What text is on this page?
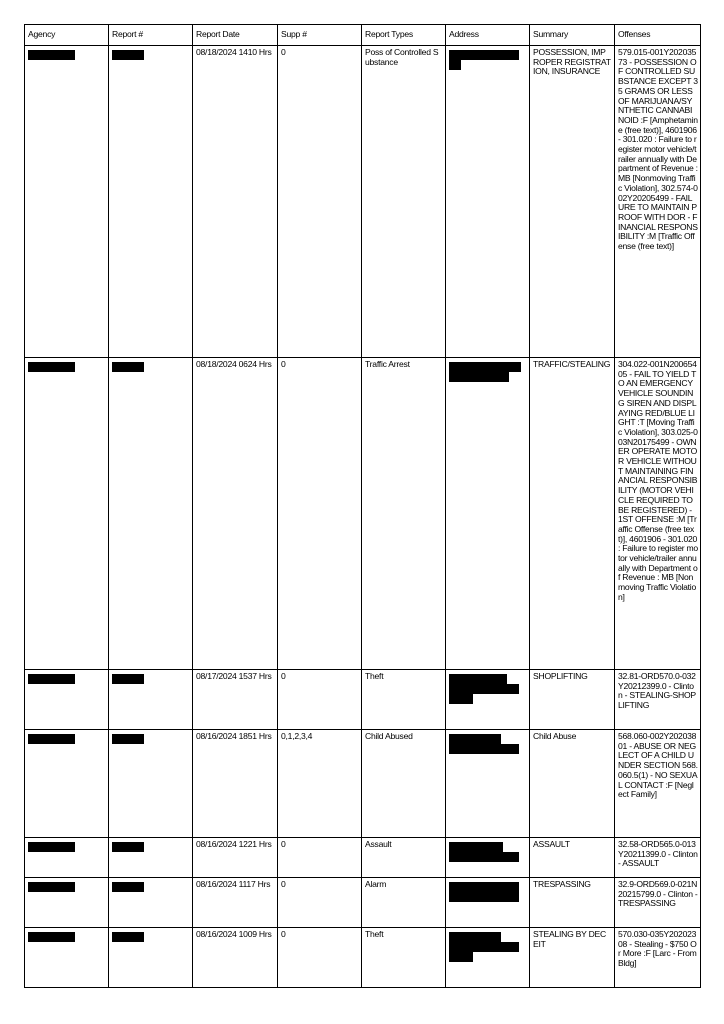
Agency	Report #	Report Date	Supp #	Report Types	Address	Summary	Offenses

	08/18/2024 1410 Hrs	0	Poss of Controlled Substance		POSSESSION, IMPROPER REGISTRATION, INSURANCE	579.015-001Y20203573 - POSSESSION OF CONTROLLED SUBSTANCE EXCEPT 35 GRAMS OR LESS OF MARIJUANA/SYNTHETIC CANNABINOID :F [Amphetamine (free text)], 4601906 - 301.020 : Failure to register motor vehicle/trailer annually with Department of Revenue : MB [Nonmoving Traffic Violation], 302.574-002Y20205499 - FAILURE TO MAINTAIN PROOF WITH DOR - FINANCIAL RESPONSIBILITY :M [Traffic Offense (free text)]

	08/18/2024 0624 Hrs	0	Traffic Arrest		TRAFFIC/STEALING	304.022-001N20065405 - FAIL TO YIELD TO AN EMERGENCY VEHICLE SOUNDING SIREN AND DISPLAYING RED/BLUE LIGHT :T [Moving Traffic Violation], 303.025-003N20175499 - OWNER OPERATE MOTOR VEHICLE WITHOUT MAINTAINING FINANCIAL RESPONSIBILITY (MOTOR VEHICLE REQUIRED TO BE REGISTERED) - 1ST OFFENSE :M [Traffic Offense (free text)], 4601906 - 301.020 : Failure to register motor vehicle/trailer annually with Department of Revenue : MB [Nonmoving Traffic Violation]

	08/17/2024 1537 Hrs	0	Theft		SHOPLIFTING	32.81-ORD570.0-032Y20212399.0 - Clinton - STEALING-SHOPLIFTING

	08/16/2024 1851 Hrs	0,1,2,3,4	Child Abused		Child Abuse	568.060-002Y20203801 - ABUSE OR NEGLECT OF A CHILD UNDER SECTION 568.060.5(1) - NO SEXUAL CONTACT :F [Neglect Family]

	08/16/2024 1221 Hrs	0	Assault		ASSAULT	32.58-ORD565.0-013Y20211399.0 - Clinton - ASSAULT

	08/16/2024 1117 Hrs	0	Alarm		TRESPASSING	32.9-ORD569.0-021N20215799.0 - Clinton - TRESPASSING

	08/16/2024 1009 Hrs	0	Theft		STEALING BY DECEIT	570.030-035Y20202308 - Stealing - $750 Or More :F [Larc - From Bldg]
